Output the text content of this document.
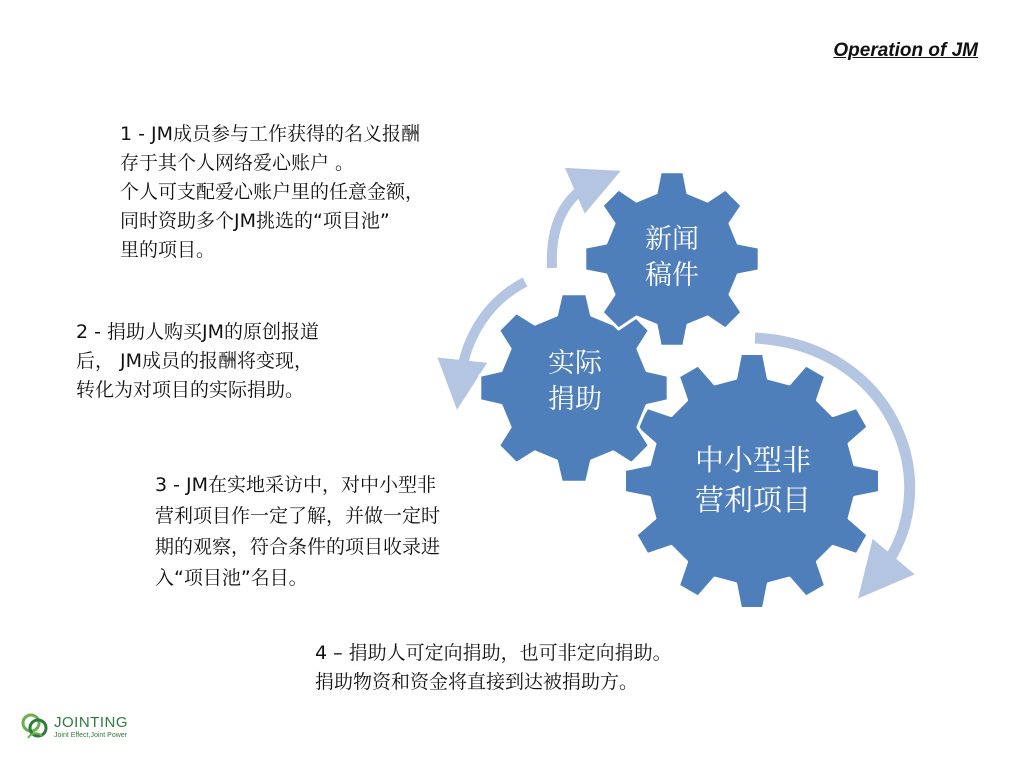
Operation of JM
1 - JM成员参与工作获得的名义报酬
存于其个人网络爱心账户 。
个人可支配爱心账户里的任意金额，
同时资助多个JM挑选的“项目池”
里的项目。
2 - 捐助人购买JM的原创报道
后， JM成员的报酬将变现，
转化为对项目的实际捐助。
3 - JM在实地采访中，对中小型非
营利项目作一定了解，并做一定时
期的观察，符合条件的项目收录进
入“项目池”名目。
4 – 捐助人可定向捐助，也可非定向捐助。
捐助物资和资金将直接到达被捐助方。
新闻
稿件
实际
捐助
中小型非
营利项目
JOINTING
Joint Effect,Joint Power
